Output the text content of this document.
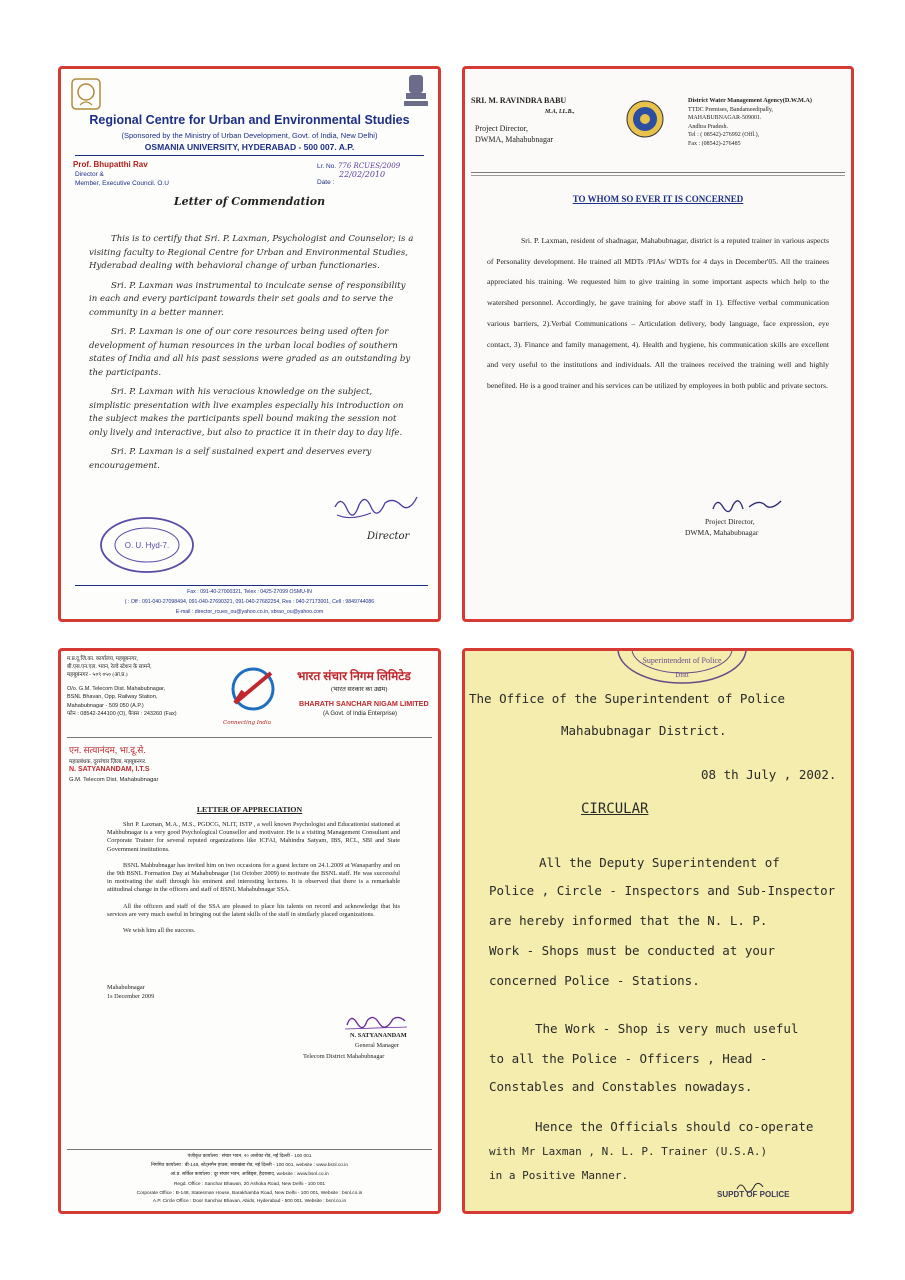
Regional Centre for Urban and Environmental Studies
(Sponsored by the Ministry of Urban Development, Govt. of India, New Delhi)
OSMANIA UNIVERSITY, HYDERABAD - 500 007. A.P.
Prof. Bhupatthi Rav
Director &
Member, Executive Council. O.U
Lr. No. 776 RCUES/2009
Date :
22/02/2010
Letter of Commendation

This is to certify that Sri. P. Laxman, Psychologist and Counselor; is a visiting faculty to Regional Centre for Urban and Environmental Studies, Hyderabad dealing with behavioral change of urban functionaries.

Sri. P. Laxman was instrumental to inculcate sense of responsibility in each and every participant towards their set goals and to serve the community in a better manner.

Sri. P. Laxman is one of our core resources being used often for development of human resources in the urban local bodies of southern states of India and all his past sessions were graded as an outstanding by the participants.

Sri. P. Laxman with his veracious knowledge on the subject, simplistic presentation with live examples especially his introduction on the subject makes the participants spell bound making the session not only lively and interactive, but also to practice it in their day to day life.

Sri. P. Laxman is a self sustained expert and deserves every encouragement.

O. U. Hyd-7.
Director
Fax : 091-40-27000321, Telex : 0425-27099 OSMU-IN
( : Off : 091-040-27098494, 091-040-27690321, 091-040-27682254, Res : 040-27173001, Cell : 9849744086
E-mail : director_rcues_ou@yahoo.co.in, sbrao_ou@yahoo.com
SRI. M. RAVINDRA BABU
M.A, LL.B.,
Project Director,
DWMA, Mahabubnagar
District Water Management Agency(D.W.M.A)
TTDC Premises, Bandameedipally,
MAHABUBNAGAR-509001.
Andhra Pradesh.
Tel : ( 08542)-276992 (Offl.),
Fax : (08542)-276485
TO WHOM SO EVER IT IS CONCERNED
Sri. P. Laxman, resident of shadnagar, Mahabubnagar, district is a reputed trainer in various aspects of Personality development. He trained all MDTs /PIAs/ WDTs for 4 days in December'05. All the trainees appreciated his training. We requested him to give training in some important aspects which help to the watershed personnel. Accordingly, he gave training for above staff in 1). Effective verbal communication various barriers, 2).Verbal Communications – Articulation delivery, body language, face expression, eye contact, 3). Finance and family management, 4). Health and hygiene, his communication skills are excellent and very useful to the institutions and individuals. All the trainees received the training well and highly benefited. He is a good trainer and his services can be utilized by employees in both public and private sectors.
Project Director,
DWMA, Mahabubnagar
म.प्र.दू.जि.का. कार्यालय, महबूबनगर,
बी.एस.एन.एल. भवन, रेल्वे स्टेशन के सामने,
महबूबनगर - ५०९ ०५० (आ.प्र.)
O/o. G.M. Telecom Dist. Mahabubnagar,
BSNL Bhavan, Opp. Railway Station,
Mahabubnagar - 509 050 (A.P.)
फोन : 08542-244100 (O), फैक्स : 243260 (Fax)
Connecting India
भारत संचार निगम लिमिटेड
(भारत सरकार का उद्यम)
BHARATH SANCHAR NIGAM LIMITED
(A Govt. of India Enterprise)
एन. सत्यानंदम, भा.दू.से.
महाप्रबंधक, दूरसंचार ज़िला, महबूबनगर.
N. SATYANANDAM, I.T.S
G.M. Telecom Dist. Mahabubnagar
LETTER OF APPRECIATION

Shri P. Laxman, M.A., M.S., PGDCG, NLIT, ISTP , a well known Psychologist and Educationist stationed at Mahbubnagar is a very good Psychological Counsellor and motivator. He is a visiting Management Consultant and Corporate Trainer for several reputed organizations like ICFAI, Mahindra Satyam, IBS, RCL, SBI and State Government institutions.

BSNL Mahbubnagar has invited him on two occasions for a guest lecture on 24.1.2009 at Wanaparthy and on the 9th BSNL Formation Day at Mahabubnagar (1st October 2009) to motivate the BSNL staff. He was successful in motivating the staff through his eminent and interesting lectures. It is observed that there is a remarkable attitudinal change in the officers and staff of BSNL Mahabubnagar SSA.

All the officers and staff of the SSA are pleased to place his talents on record and acknowledge that his services are very much useful in bringing out the latent skills of the staff in similarly placed organizations.

We wish him all the success.

Mahabubnagar
1s December 2009
N. SATYANANDAM
General Manager
Telecom District Mahabubnagar
पंजीकृत कार्यालय : संचार भवन, २० अशोका रोड, नई दिल्ली - 100 001
निगमित कार्यालय : बी-148, स्टेट्समैन हाउस, बाराखंबा रोड, नई दिल्ली - 100 001, website : www.bsnl.co.in
आं.प्र. सर्किल कार्यालय : दूर संचार भवन, आबिड्स, हैदराबाद, website : www.bsnl.co.in
Regd. Office : Sanchar Bhawan, 20 Ashoka Road, New Delhi - 100 001
Corporate Office : B-148, Statesman House, Barakhamba Road, New Delhi - 100 001, Website : bsnl.co.in
A.P. Circle Office : Door Sanchar Bhavan, Abids, Hyderabad - 500 001. Website : bsnl.co.in
Superintendent of Police
Distt
The Office of the Superintendent of Police
Mahabubnagar District.
08 th July , 2002.
CIRCULAR
All the Deputy Superintendent of
Police , Circle - Inspectors and Sub-Inspector
are hereby informed that the N. L. P.
Work - Shops must be conducted at your
concerned Police - Stations.
The Work - Shop is very much useful
to all the Police - Officers , Head -
Constables and Constables nowadays.
Hence the Officials should co-operate
with Mr Laxman , N. L. P. Trainer (U.S.A.)
in a Positive Manner.
SUPDT OF POLICE
